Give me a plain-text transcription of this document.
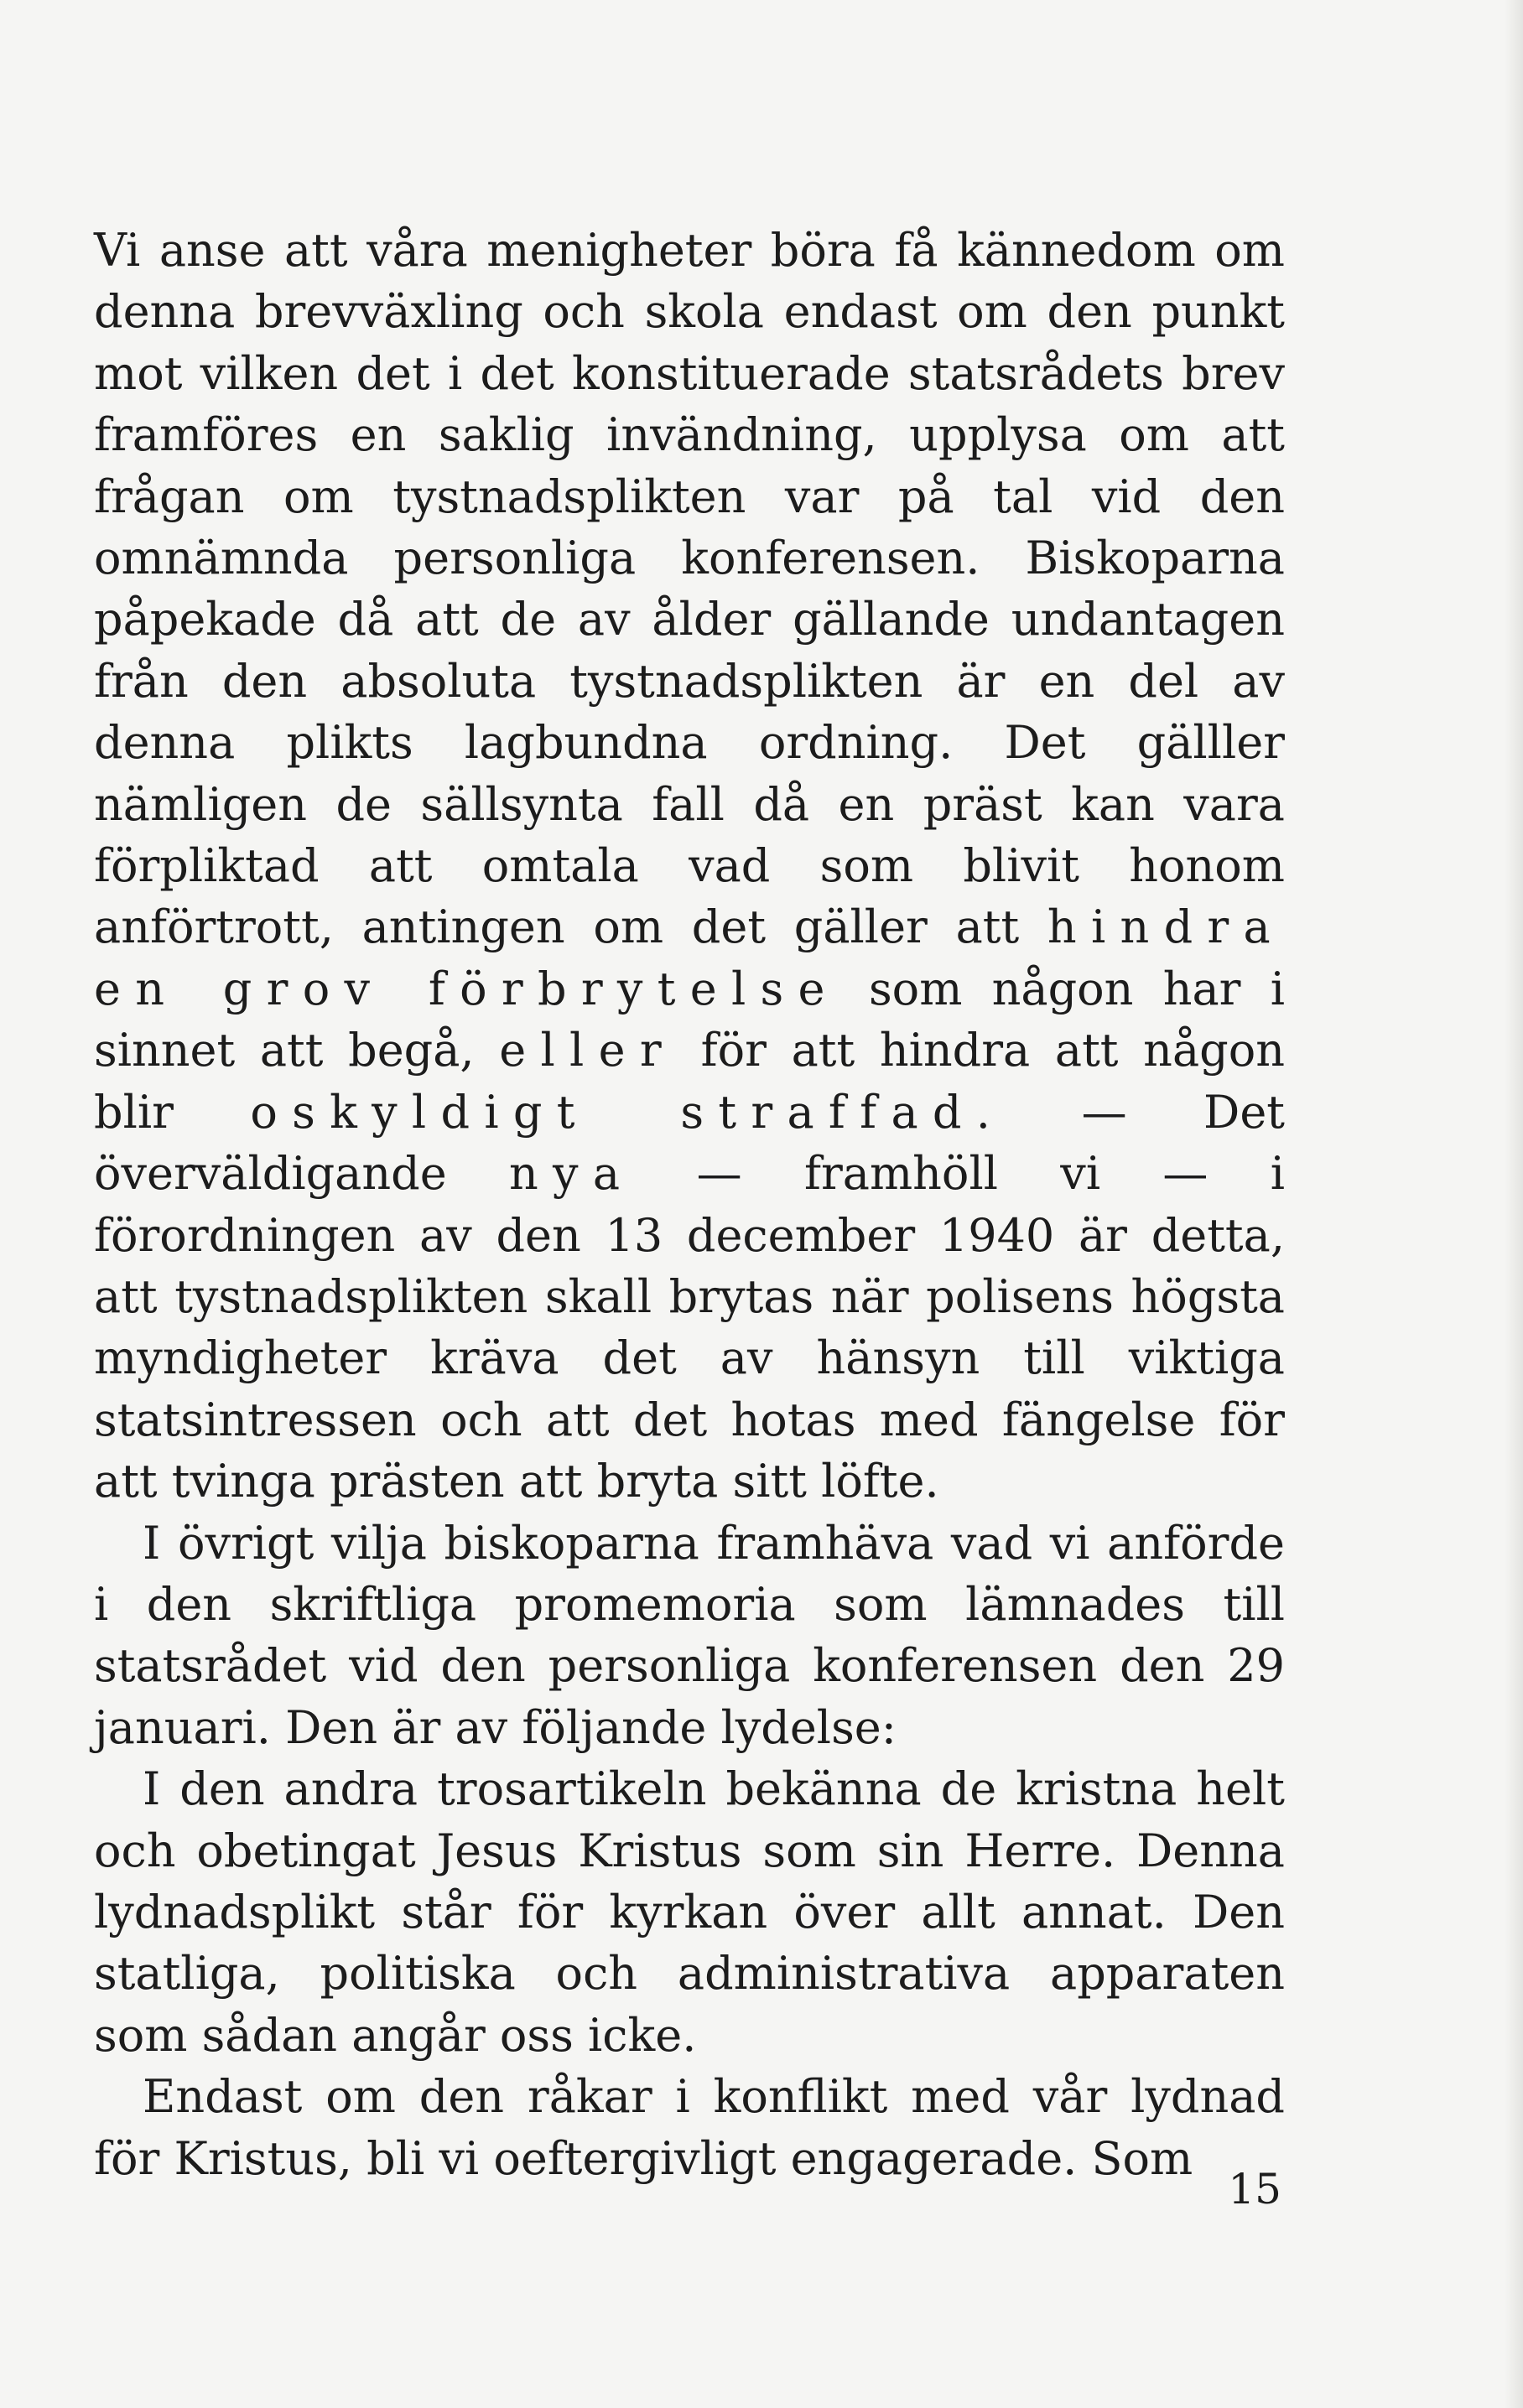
Vi anse att våra menigheter böra få kännedom om denna brevväxling och skola endast om den punkt mot vilken det i det konstituerade statsrådets brev framföres en saklig invändning, upplysa om att frågan om tystnadsplikten var på tal vid den omnämnda personliga konferensen. Biskoparna påpekade då att de av ålder gällande undantagen från den absoluta tystnadsplikten är en del av denna plikts lagbundna ordning. Det gälller nämligen de sällsynta fall då en präst kan vara förpliktad att omtala vad som blivit honom anförtrott, antingen om det gäller att hindra en grov förbrytelse som någon har i sinnet att begå, eller för att hindra att någon blir oskyldigt straffad. — Det överväldigande nya — framhöll vi — i förordningen av den 13 december 1940 är detta, att tystnadsplikten skall brytas när polisens högsta myndigheter kräva det av hänsyn till viktiga statsintressen och att det hotas med fängelse för att tvinga prästen att bryta sitt löfte.

I övrigt vilja biskoparna framhäva vad vi anförde i den skriftliga promemoria som lämnades till statsrådet vid den personliga konferensen den 29 januari. Den är av följande lydelse:

I den andra trosartikeln bekänna de kristna helt och obetingat Jesus Kristus som sin Herre. Denna lydnadsplikt står för kyrkan över allt annat. Den statliga, politiska och administrativa apparaten som sådan angår oss icke.

Endast om den råkar i konflikt med vår lydnad för Kristus, bli vi oeftergivligt engagerade. Som

15
